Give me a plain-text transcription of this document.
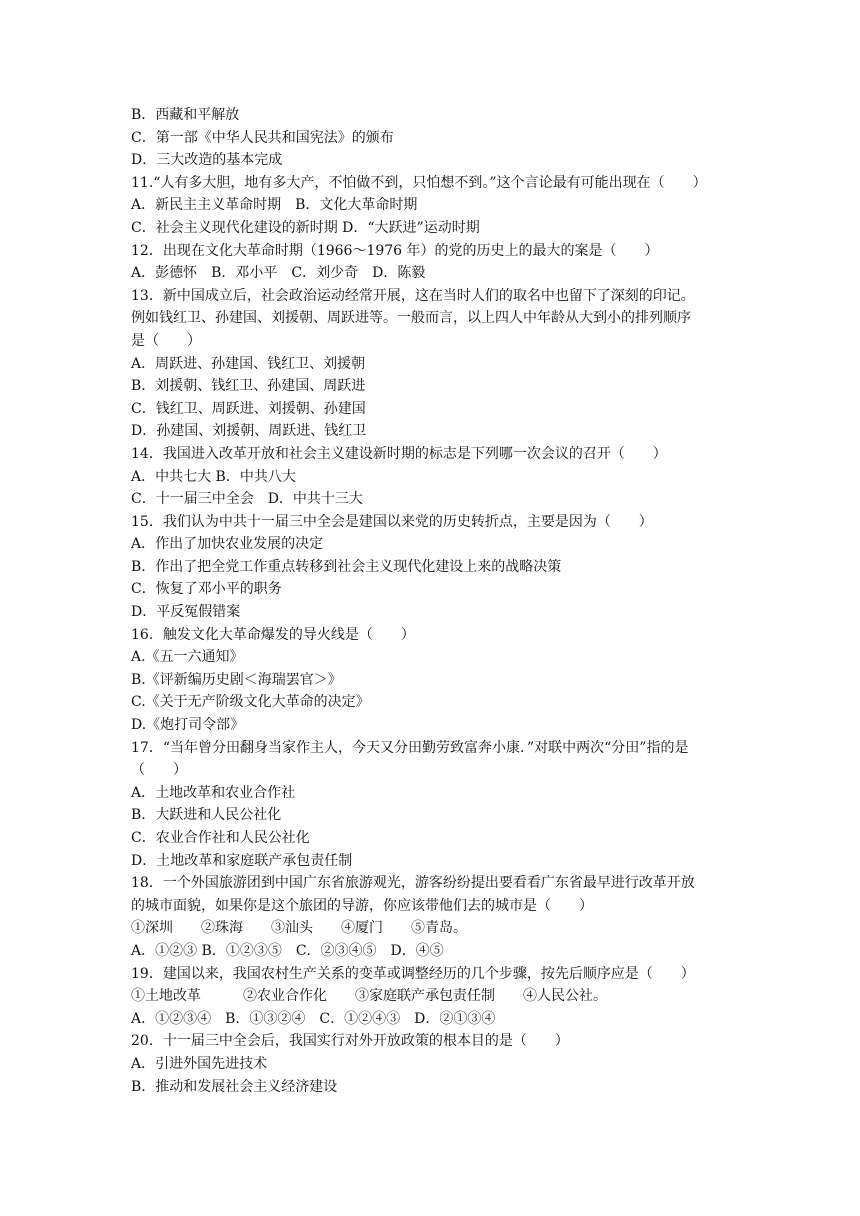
B．西藏和平解放

C．第一部《中华人民共和国宪法》的颁布

D．三大改造的基本完成

11.“人有多大胆，地有多大产，不怕做不到，只怕想不到。”这个言论最有可能出现在（　　）

A．新民主主义革命时期　B．文化大革命时期

C．社会主义现代化建设的新时期 D．“大跃进”运动时期

12．出现在文化大革命时期（1966～1976 年）的党的历史上的最大的案是（　　）

A．彭德怀　B．邓小平　C．刘少奇　D．陈毅

13．新中国成立后，社会政治运动经常开展，这在当时人们的取名中也留下了深刻的印记。

例如钱红卫、孙建国、刘援朝、周跃进等。一般而言，以上四人中年龄从大到小的排列顺序

是（　　）

A．周跃进、孙建国、钱红卫、刘援朝

B．刘援朝、钱红卫、孙建国、周跃进

C．钱红卫、周跃进、刘援朝、孙建国

D．孙建国、刘援朝、周跃进、钱红卫

14．我国进入改革开放和社会主义建设新时期的标志是下列哪一次会议的召开（　　）

A．中共七大 B．中共八大

C．十一届三中全会　D．中共十三大

15．我们认为中共十一届三中全会是建国以来党的历史转折点，主要是因为（　　）

A．作出了加快农业发展的决定

B．作出了把全党工作重点转移到社会主义现代化建设上来的战略决策

C．恢复了邓小平的职务

D．平反冤假错案

16．触发文化大革命爆发的导火线是（　　）

A.《五一六通知》

B.《评新编历史剧＜海瑞罢官＞》

C.《关于无产阶级文化大革命的决定》

D.《炮打司令部》

17．“当年曾分田翻身当家作主人，今天又分田勤劳致富奔小康．”对联中两次“分田”指的是

（　　）

A．土地改革和农业合作社

B．大跃进和人民公社化

C．农业合作社和人民公社化

D．土地改革和家庭联产承包责任制

18．一个外国旅游团到中国广东省旅游观光，游客纷纷提出要看看广东省最早进行改革开放

的城市面貌，如果你是这个旅团的导游，你应该带他们去的城市是（　　）

①深圳　　②珠海　　③汕头　　④厦门　　⑤青岛。

A．①②③ B．①②③⑤　C．②③④⑤　D．④⑤

19．建国以来，我国农村生产关系的变革或调整经历的几个步骤，按先后顺序应是（　　）

①土地改革　　　②农业合作化　　③家庭联产承包责任制　　④人民公社。

A．①②③④　B．①③②④　C．①②④③　D．②①③④

20．十一届三中全会后，我国实行对外开放政策的根本目的是（　　）

A．引进外国先进技术

B．推动和发展社会主义经济建设
